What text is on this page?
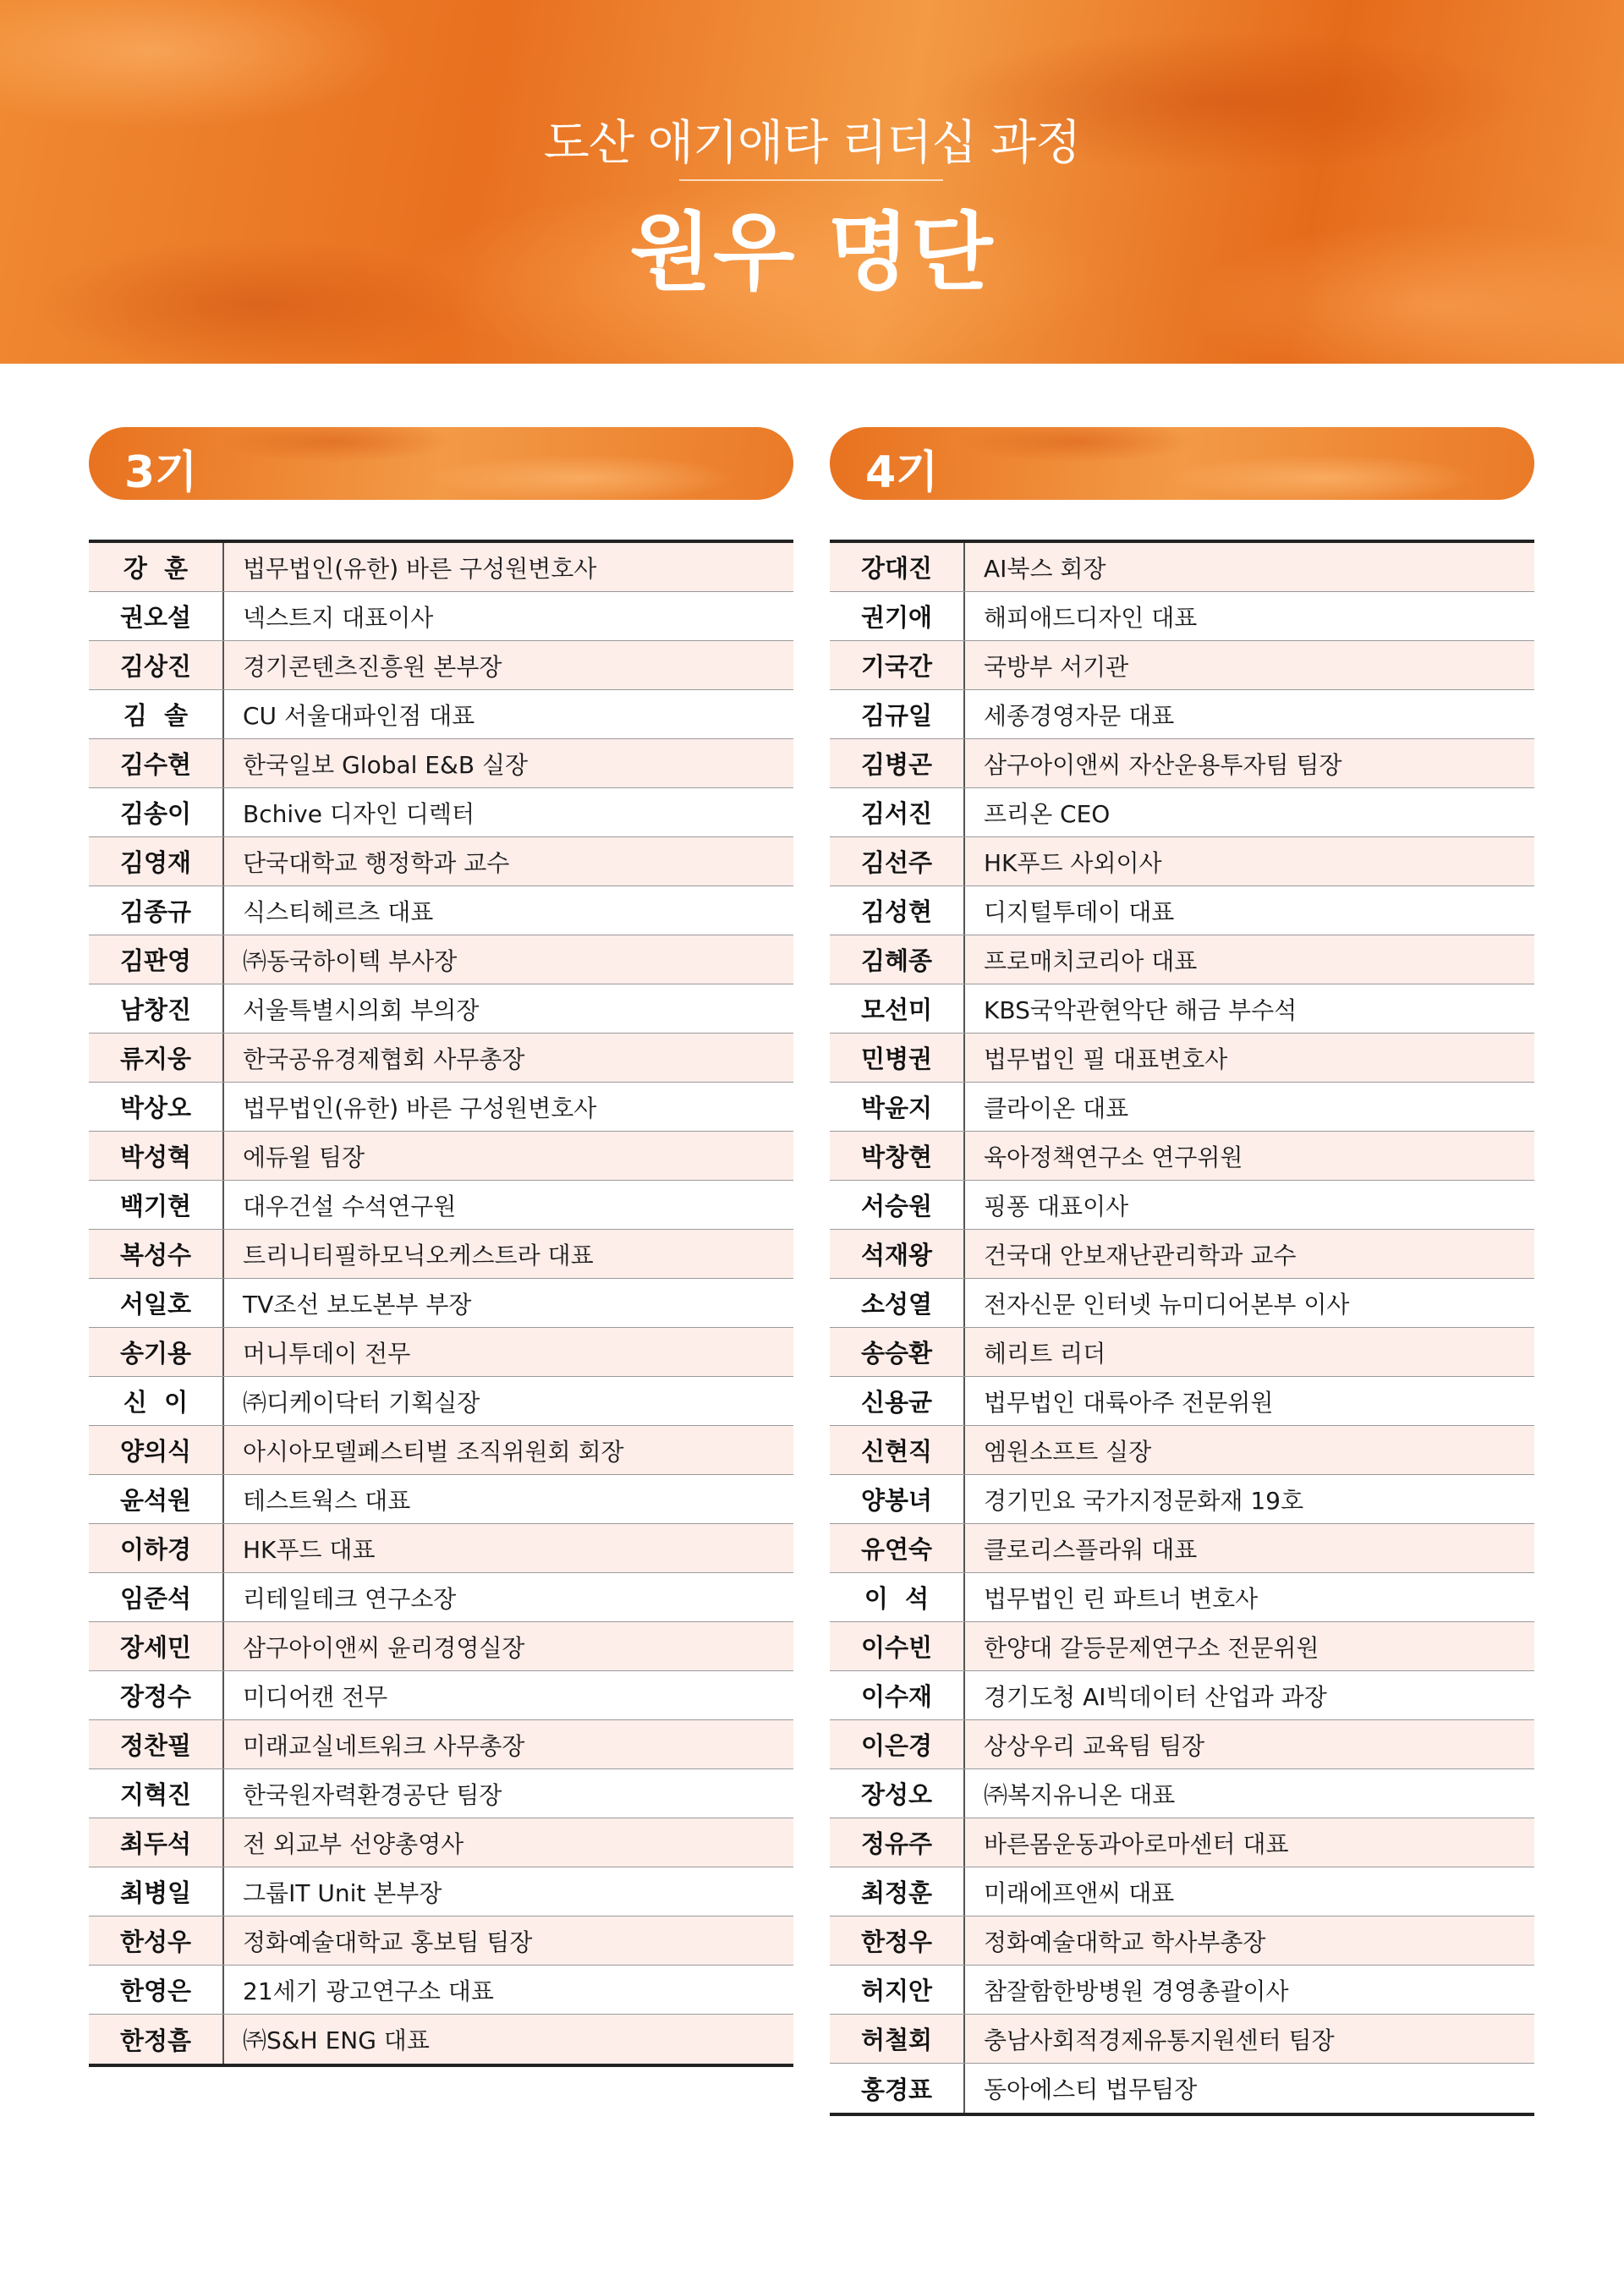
도산 애기애타 리더십 과정
원우 명단
3기	4기
강  훈	법무법인(유한) 바른 구성원변호사
권오설	넥스트지 대표이사
김상진	경기콘텐츠진흥원 본부장
김  솔	CU 서울대파인점 대표
김수현	한국일보 Global E&B 실장
김송이	Bchive 디자인 디렉터
김영재	단국대학교 행정학과 교수
김종규	식스티헤르츠 대표
김판영	㈜동국하이텍 부사장
남창진	서울특별시의회 부의장
류지웅	한국공유경제협회 사무총장
박상오	법무법인(유한) 바른 구성원변호사
박성혁	에듀윌 팀장
백기현	대우건설 수석연구원
복성수	트리니티필하모닉오케스트라 대표
서일호	TV조선 보도본부 부장
송기용	머니투데이 전무
신  이	㈜디케이닥터 기획실장
양의식	아시아모델페스티벌 조직위원회 회장
윤석원	테스트웍스 대표
이하경	HK푸드 대표
임준석	리테일테크 연구소장
장세민	삼구아이앤씨 윤리경영실장
장정수	미디어캔 전무
정찬필	미래교실네트워크 사무총장
지혁진	한국원자력환경공단 팀장
최두석	전 외교부 선양총영사
최병일	그룹IT Unit 본부장
한성우	정화예술대학교 홍보팀 팀장
한영은	21세기 광고연구소 대표
한정흠	㈜S&H ENG 대표
강대진	AI북스 회장
권기애	해피애드디자인 대표
기국간	국방부 서기관
김규일	세종경영자문 대표
김병곤	삼구아이앤씨 자산운용투자팀 팀장
김서진	프리온 CEO
김선주	HK푸드 사외이사
김성현	디지털투데이 대표
김혜종	프로매치코리아 대표
모선미	KBS국악관현악단 해금 부수석
민병권	법무법인 필 대표변호사
박윤지	클라이온 대표
박창현	육아정책연구소 연구위원
서승원	핑퐁 대표이사
석재왕	건국대 안보재난관리학과 교수
소성열	전자신문 인터넷 뉴미디어본부 이사
송승환	헤리트 리더
신용균	법무법인 대륙아주 전문위원
신현직	엠원소프트 실장
양봉녀	경기민요 국가지정문화재 19호
유연숙	클로리스플라워 대표
이  석	법무법인 린 파트너 변호사
이수빈	한양대 갈등문제연구소 전문위원
이수재	경기도청 AI빅데이터 산업과 과장
이은경	상상우리 교육팀 팀장
장성오	㈜복지유니온 대표
정유주	바른몸운동과아로마센터 대표
최정훈	미래에프앤씨 대표
한정우	정화예술대학교 학사부총장
허지안	참잘함한방병원 경영총괄이사
허철회	충남사회적경제유통지원센터 팀장
홍경표	동아에스티 법무팀장
